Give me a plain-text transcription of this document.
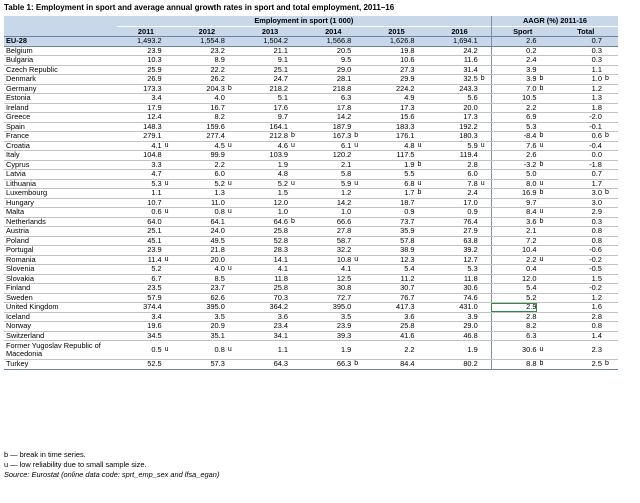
Table 1: Employment in sport and average annual growth rates in sport and total employment, 2011–16
	Employment in sport (1 000)												AAGR (%) 2011-16			
	2011		2012		2013		2014		2015		2016		Sport		Total	
EU-28	1,493.2		1,554.8		1,504.2		1,566.8		1,626.8		1,694.1		2.6		0.7	
Belgium	23.9		23.2		21.1		20.5		19.8		24.2		0.2		0.3	
Bulgaria	10.3		8.9		9.1		9.5		10.6		11.6		2.4		0.3	
Czech Republic	25.9		22.2		25.1		29.0		27.3		31.4		3.9		1.1	
Denmark	26.9		26.2		24.7		28.1		29.9		32.5	b	3.9	b	1.0	b
Germany	173.3		204.3	b	218.2		218.8		224.2		243.3		7.0	b	1.2	
Estonia	3.4		4.0		5.1		6.3		4.9		5.6		10.5		1.3	
Ireland	17.9		16.7		17.6		17.8		17.3		20.0		2.2		1.8	
Greece	12.4		8.2		9.7		14.2		15.6		17.3		6.9		-2.0	
Spain	148.3		159.6		164.1		187.9		183.3		192.2		5.3		-0.1	
France	279.1		277.4		212.8	b	167.3	b	176.1		180.3		-8.4	b	0.6	b
Croatia	4.1	u	4.5	u	4.6	u	6.1	u	4.8	u	5.9	u	7.6	u	-0.4	
Italy	104.8		99.9		103.9		120.2		117.5		119.4		2.6		0.0	
Cyprus	3.3		2.2		1.9		2.1		1.9	b	2.8		-3.2	b	-1.8	
Latvia	4.7		6.0		4.8		5.8		5.5		6.0		5.0		0.7	
Lithuania	5.3	u	5.2	u	5.2	u	5.9	u	6.8	u	7.8	u	8.0	u	1.7	
Luxembourg	1.1		1.3		1.5		1.2		1.7	b	2.4		16.9	b	3.0	b
Hungary	10.7		11.0		12.0		14.2		18.7		17.0		9.7		3.0	
Malta	0.6	u	0.8	u	1.0		1.0		0.9		0.9		8.4	u	2.9	
Netherlands	64.0		64.1		64.6	b	66.6		73.7		76.4		3.6	b	0.3	
Austria	25.1		24.0		25.8		27.8		35.9		27.9		2.1		0.8	
Poland	45.1		49.5		52.8		58.7		57.8		63.8		7.2		0.8	
Portugal	23.9		21.8		28.3		32.2		38.9		39.2		10.4		-0.6	
Romania	11.4	u	20.0		14.1		10.8	u	12.3		12.7		2.2	u	-0.2	
Slovenia	5.2		4.0	u	4.1		4.1		5.4		5.3		0.4		-0.5	
Slovakia	6.7		8.5		11.8		12.5		11.2		11.8		12.0		1.5	
Finland	23.5		23.7		25.8		30.8		30.7		30.6		5.4		-0.2	
Sweden	57.9		62.6		70.3		72.7		76.7		74.6		5.2		1.2	
United Kingdom	374.4		395.0		364.2		395.0		417.3		431.0		2.9		1.6	
Iceland	3.4		3.5		3.6		3.5		3.6		3.9		2.8		2.8	
Norway	19.6		20.9		23.4		23.9		25.8		29.0		8.2		0.8	
Switzerland	34.5		35.1		34.1		39.3		41.6		46.8		6.3		1.4	
Former Yugoslav Republic of Macedonia	0.5	u	0.8	u	1.1		1.9		2.2		1.9		30.6	u	2.3	
Turkey	52.5		57.3		64.3		66.3	b	84.4		80.2		8.8	b	2.5	b
b — break in time series.
u — low reliability due to small sample size.
Source: Eurostat (online data code: sprt_emp_sex and lfsa_egan)
